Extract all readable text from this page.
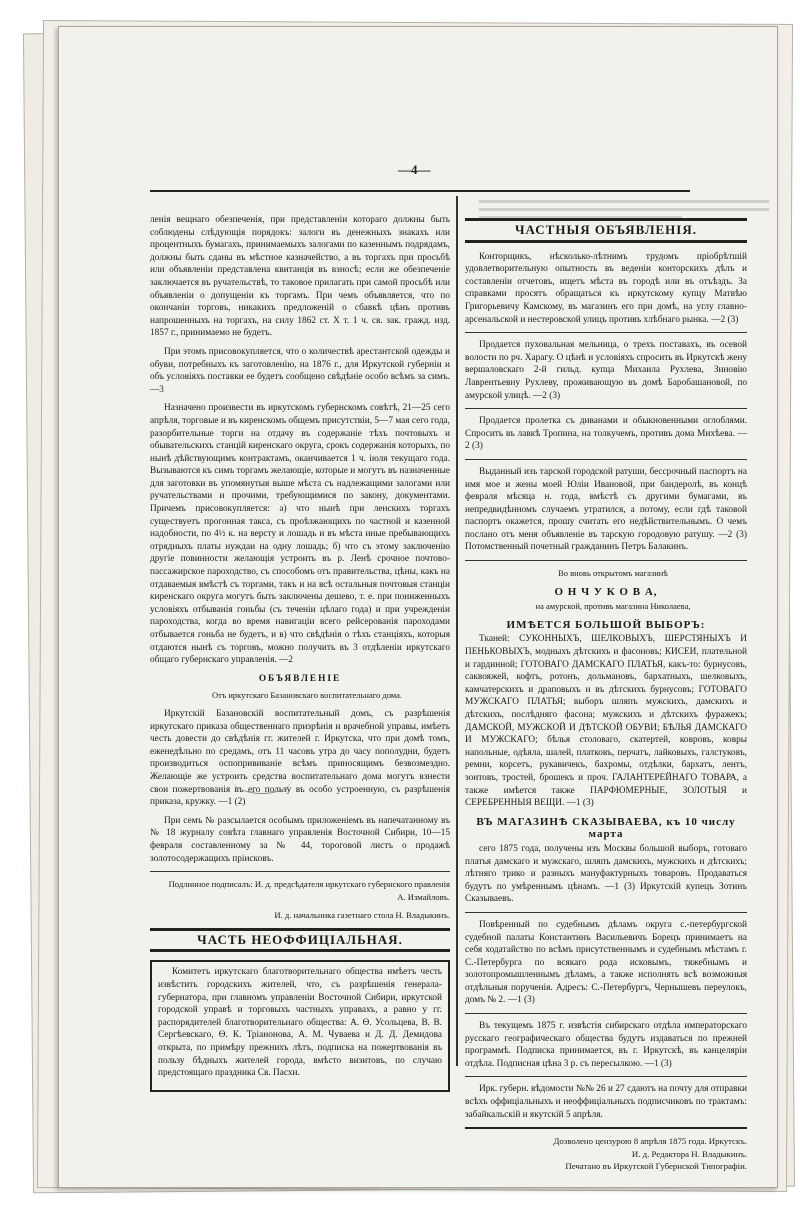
—4—

ленія вещнаго обезпеченія, при представленіи котораго должны быть соблюдены слѣдующія порядокъ: залоги въ денежныхъ знакахъ или процентныхъ бумагахъ, принимаемыхъ залогами по казеннымъ подрядамъ, должны быть сданы въ мѣстное казначейство, а въ торгахъ при просьбѣ или объявленіи представлена квитанція въ взносѣ; если же обезпеченіе заключается въ ручательствѣ, то таковое прилагать при самой просьбѣ или объявленіи о допущеніи къ торгамъ. При чемъ объявляется, что по окончаніи торговъ, никакихъ предложеній о сбавкѣ цѣнъ противъ напрошенныхъ на торгахъ, на силу 1862 ст. Х т. 1 ч. св. зак. гражд. изд. 1857 г., принимаемо не будетъ.

При этомъ присовокупляется, что о количествѣ арестантской одежды и обуви, потребныхъ къ заготовленію, на 1876 г., для Иркутской губерніи и объ условіяхъ поставки ее будетъ сообщено свѣдѣніе особо всѣмъ за симъ. —3

Назначено произвести въ иркутскомъ губернскомъ совѣтѣ, 21—25 сего апрѣля, торговые и въ киренскомъ общемъ присутствіи, 5—7 мая сего года, разорбительные торги на отдачу въ содержаніе тѣхъ почтовыхъ и обывательскихъ станцій киренскаго округа, срокъ содержанія которыхъ, по нынѣ дѣйствующимъ контрактамъ, оканчивается 1 ч. іюля текущаго года. Вызываются къ симъ торгамъ желающіе, которые и могутъ въ назначенные для заготовки въ упомянутыя выше мѣста съ надлежащими залогами или ручательствами и прочими, требующимися по закону, документами. Причемъ присовокупляется: а) что нынѣ при ленскихъ торгахъ существуетъ прогонная такса, съ проѣзжающихъ по частной и казенной надобности, по 4½ к. на версту и лошадь и въ мѣста иные пребывающихъ отрядныхъ платы нуждаи на одну лошадь; б) что съ этому заключенію другіе повинности желающія устроить въ р. Ленѣ срочное почтово-пассажирское пароходство, съ способомъ отъ правительства, цѣны, какъ на отдаваемыя вмѣстѣ съ торгами, такъ и на всѣ остальныя почтовыя станціи киренскаго округа могутъ быть заключены дешево, т. е. при пониженныхъ условіяхъ отбыванія гоньбы (съ теченіи цѣлаго года) и при учрежденіи пароходства, когда во время навигаціи всего рейсерованія пароходами отбывается гоньба не будетъ, и в) что свѣдѣнія о тѣхъ станціяхъ, которыя отдаются нынѣ съ торговъ, можно получить въ 3 отдѣленіи иркутскаго общаго губернскаго управленія. —2

ОБЪЯВЛЕНІЕ

Отъ иркутскаго Базановскаго воспитательнаго дома.

Иркутскій Базановскій воспитательный домъ, съ разрѣшенія иркутскаго приказа общественнаго призрѣнія и врачебной управы, имѣетъ честь довести до свѣдѣнія гг. жителей г. Иркутска, что при домѣ томъ, еженедѣльно по средамъ, отъ 11 часовъ утра до часу пополудни, будетъ производиться оспопрививаніе всѣмъ приносящимъ безвозмездно. Желающіе же устроить средства воспитательнаго дома могутъ взнести свои пожертвованія въ его пользу въ особо устроенную, съ разрѣшенія приказа, кружку. —1 (2)

При семъ № разсылается особымъ приложеніемъ въ напечатанному въ № 18 журналу совѣта главнаго управленія Восточной Сибири, 10—15 февраля составленному за № 44, тороговой листъ о продажѣ золотосодержащихъ пріисковъ.

Подлинное подписалъ: И. д. предсѣдателя иркутскаго губернского правленія А. Измайловъ.

И. д. начальника газетнаго стола Н. Владыкинъ.

ЧАСТЬ НЕОФФИЦІАЛЬНАЯ.

Комитетъ иркутскаго благотворительнаго общества имѣетъ честь извѣстить городскихъ жителей, что, съ разрѣшенія генерала-губернатора, при главномъ управленіи Восточной Сибири, иркутской городской управѣ и торговыхъ частныхъ управахъ, а равно у гг. распорядителей благотворительнаго общества: А. Ѳ. Усольцева, В. В. Сергѣевскаго, Ѳ. К. Тріанонова, А. М. Чуваева и Д. Д. Демидова открыта, по примѣру прежнихъ лѣтъ, подписка на пожертвованія въ пользу бѣдныхъ жителей города, вмѣсто визитовъ, по случаю предстоящаго праздника Св. Пасхи.

ЧАСТНЫЯ ОБЪЯВЛЕНІЯ.

Конторщикъ, нѣсколько-лѣтнимъ трудомъ пріобрѣтшій удовлетворительную опытность въ веденіи конторскихъ дѣлъ и составленіи отчетовъ, ищетъ мѣста въ городѣ или въ отъѣздъ. За справками просятъ обращаться къ иркутскому купцу Матвѣю Григорьевичу Камскому, въ магазинъ его при домѣ, на углу главно-арсенальской и нестеровской улицъ противъ хлѣбнаго рынка. —2 (3)

Продается пуховальная мельница, о трехъ поставахъ, въ осевой волости по рч. Харагу. О цѣнѣ и условіяхъ спросить въ Иркутскѣ жену вершаловскаго 2-й гильд. купца Михаила Рухлева, Зиновію Лаврентьевну Рухлеву, проживающую въ домѣ Баробашановой, по амурской улицѣ. —2 (3)

Продается пролетка съ диванами и обыкновенными оглоблями. Спросить въ лавкѣ Тропина, на толкучемъ, противъ дома Михѣева. —2 (3)

Выданный изъ тарской городской ратуши, бессрочный паспортъ на имя мое и жены моей Юліи Ивановой, при бандеролѣ, въ концѣ февраля мѣсяца н. года, вмѣстѣ съ другими бумагами, въ непредвидѣнномъ случаемъ утратился, а потому, если гдѣ таковой паспортъ окажется, прошу считать его недѣйствительнымъ. О чемъ послано отъ меня объявленіе въ тарскую городовую ратушу. —2 (3) Потомственный почетный гражданинъ Петръ Балакинъ.

Во вновь открытомъ магазинѣ

О Н Ч У К О В А,

на амурской, противъ магазина Николаева,

ИМѢЕТСЯ БОЛЬШОЙ ВЫБОРЪ:

Тканей: СУКОННЫХЪ, ШЕЛКОВЫХЪ, ШЕРСТЯНЫХЪ И ПЕНЬКОВЫХЪ, модныхъ дѣтскихъ и фасоновъ; КИСЕИ, плательной и гардинной; ГОТОВАГО ДАМСКАГО ПЛАТЬЯ, какъ-то: бурнусовъ, саквояжей, кофтъ, ротонъ, дольмановъ, бархатныхъ, шелковыхъ, камчатерскихъ и драповыхъ и въ дѣтскихъ бурнусовъ; ГОТОВАГО МУЖСКАГО ПЛАТЬЯ; выборъ шляпъ мужскихъ, дамскихъ и дѣтскихъ, послѣдняго фасона; мужскихъ и дѣтскихъ фуражекъ; ДАМСКОЙ, МУЖСКОЙ И ДѢТСКОЙ ОБУВИ; БѢЛЬЯ ДАМСКАГО И МУЖСКАГО; бѣлья столоваго, скатертей, ковровъ, ковры напольные, одѣяла, шалей, платковъ, перчатъ, лайковыхъ, галстуковъ, ремни, корсетъ, рукавичекъ, бахромы, отдѣлки, бархатъ, лентъ, зонтовъ, тростей, брошекъ и проч. ГАЛАНТЕРЕЙНАГО ТОВАРА, а также имѣется также ПАРФЮМЕРНЫЕ, ЗОЛОТЫЯ и СЕРЕБРЕННЫЯ ВЕЩИ. —1 (3)

ВЪ МАГАЗИНѢ СКАЗЫВАЕВА, къ 10 числу марта

сего 1875 года, получены изъ Москвы большой выборъ, готоваго платья дамскаго и мужскаго, шляпъ дамскихъ, мужскихъ и дѣтскихъ; лѣтняго трико и разныхъ мануфактурныхъ товаровъ. Продаваться будутъ по умѣреннымъ цѣнамъ. —1 (3) Иркутскій купецъ Зотинъ Сказываевъ.

Повѣренный по судебнымъ дѣламъ округа с.-петербургской судебной палаты Константинъ Васильевичъ Борецъ принимаетъ на себя ходатайство по всѣмъ присутственнымъ и судебнымъ мѣстамъ г. С.-Петербурга по всякаго рода исковымъ, тяжебнымъ и золотопромышленнымъ дѣламъ, а также исполнять всѣ возможныя отдѣльныя порученія. Адресъ: С.-Петербургъ, Чернышевъ переулокъ, домъ № 2. —1 (3)

Въ текущемъ 1875 г. извѣстія сибирскаго отдѣла императорскаго русскаго географическаго общества будутъ издаваться по прежней программѣ. Подписка принимается, въ г. Иркутскѣ, въ канцеляріи отдѣла. Подписная цѣна 3 р. съ пересылкою. —1 (3)

Ирк. губерн. вѣдомости №№ 26 и 27 сдаютъ на почту для отправки всѣхъ оффиціальныхъ и неоффиціальныхъ подписчиковъ по трактамъ: забайкальскій и якутскій 5 апрѣля.

Дозволено цензурою 8 апрѣля 1875 года. Иркутскъ.

И. д. Редактора Н. Владыкинъ.

Печатано въ Иркутской Губернской Типографіи.
